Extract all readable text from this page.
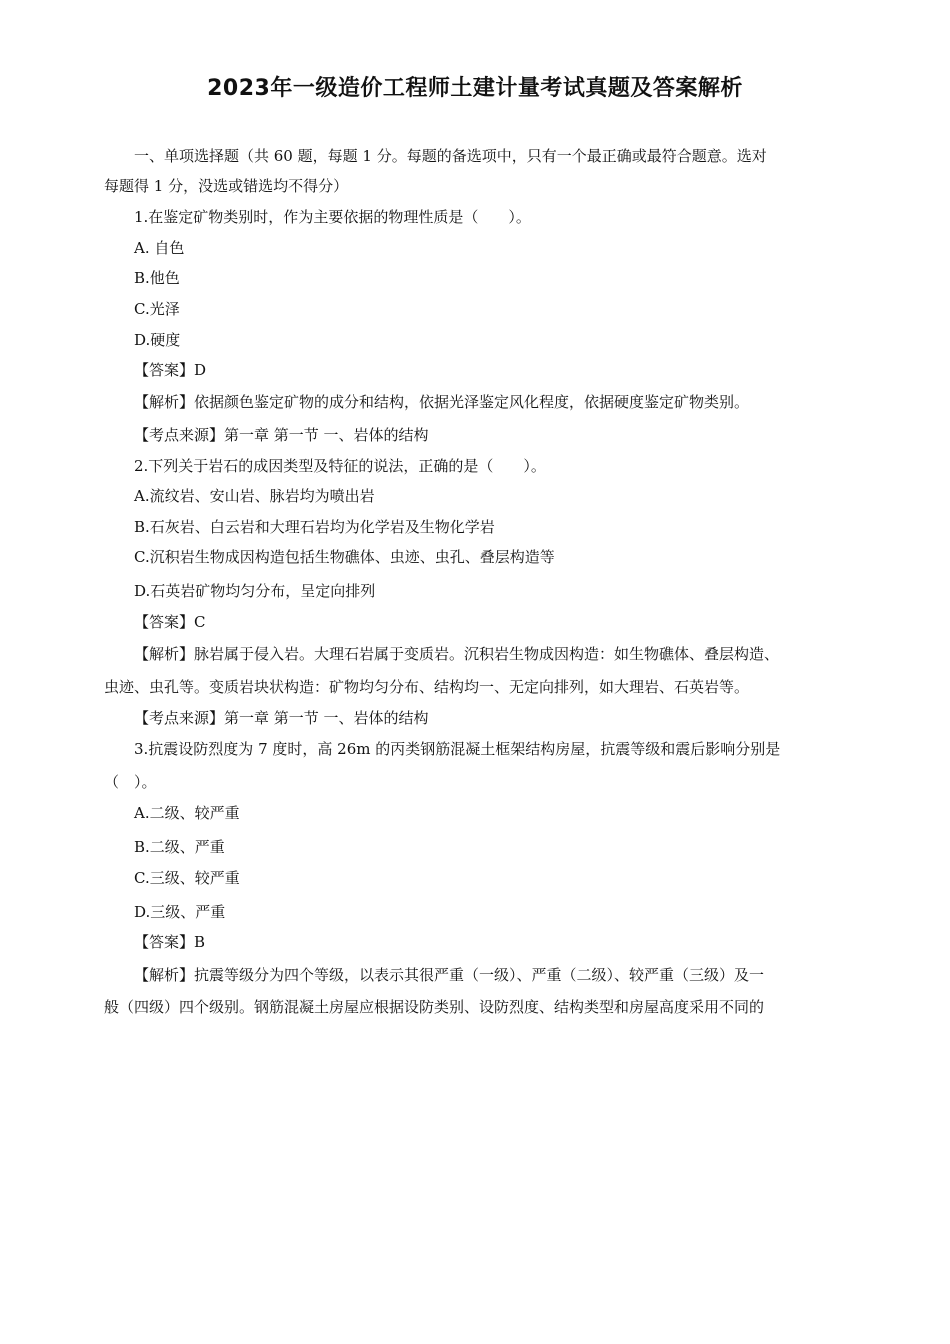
2023年一级造价工程师土建计量考试真题及答案解析
一、单项选择题（共 60 题，每题 1 分。每题的备选项中，只有一个最正确或最符合题意。选对
每题得 1 分，没选或错选均不得分）
1.在鉴定矿物类别时，作为主要依据的物理性质是（　　）。
A. 自色
B.他色
C.光泽
D.硬度
【答案】D
【解析】依据颜色鉴定矿物的成分和结构，依据光泽鉴定风化程度，依据硬度鉴定矿物类别。
【考点来源】第一章 第一节 一、岩体的结构
2.下列关于岩石的成因类型及特征的说法，正确的是（　　）。
A.流纹岩、安山岩、脉岩均为喷出岩
B.石灰岩、白云岩和大理石岩均为化学岩及生物化学岩
C.沉积岩生物成因构造包括生物礁体、虫迹、虫孔、叠层构造等
D.石英岩矿物均匀分布，呈定向排列
【答案】C
【解析】脉岩属于侵入岩。大理石岩属于变质岩。沉积岩生物成因构造：如生物礁体、叠层构造、
虫迹、虫孔等。变质岩块状构造：矿物均匀分布、结构均一、无定向排列，如大理岩、石英岩等。
【考点来源】第一章 第一节 一、岩体的结构
3.抗震设防烈度为 7 度时，高 26m 的丙类钢筋混凝土框架结构房屋，抗震等级和震后影响分别是
（　）。
A.二级、较严重
B.二级、严重
C.三级、较严重
D.三级、严重
【答案】B
【解析】抗震等级分为四个等级，以表示其很严重（一级）、严重（二级）、较严重（三级）及一
般（四级）四个级别。钢筋混凝土房屋应根据设防类别、设防烈度、结构类型和房屋高度采用不同的
